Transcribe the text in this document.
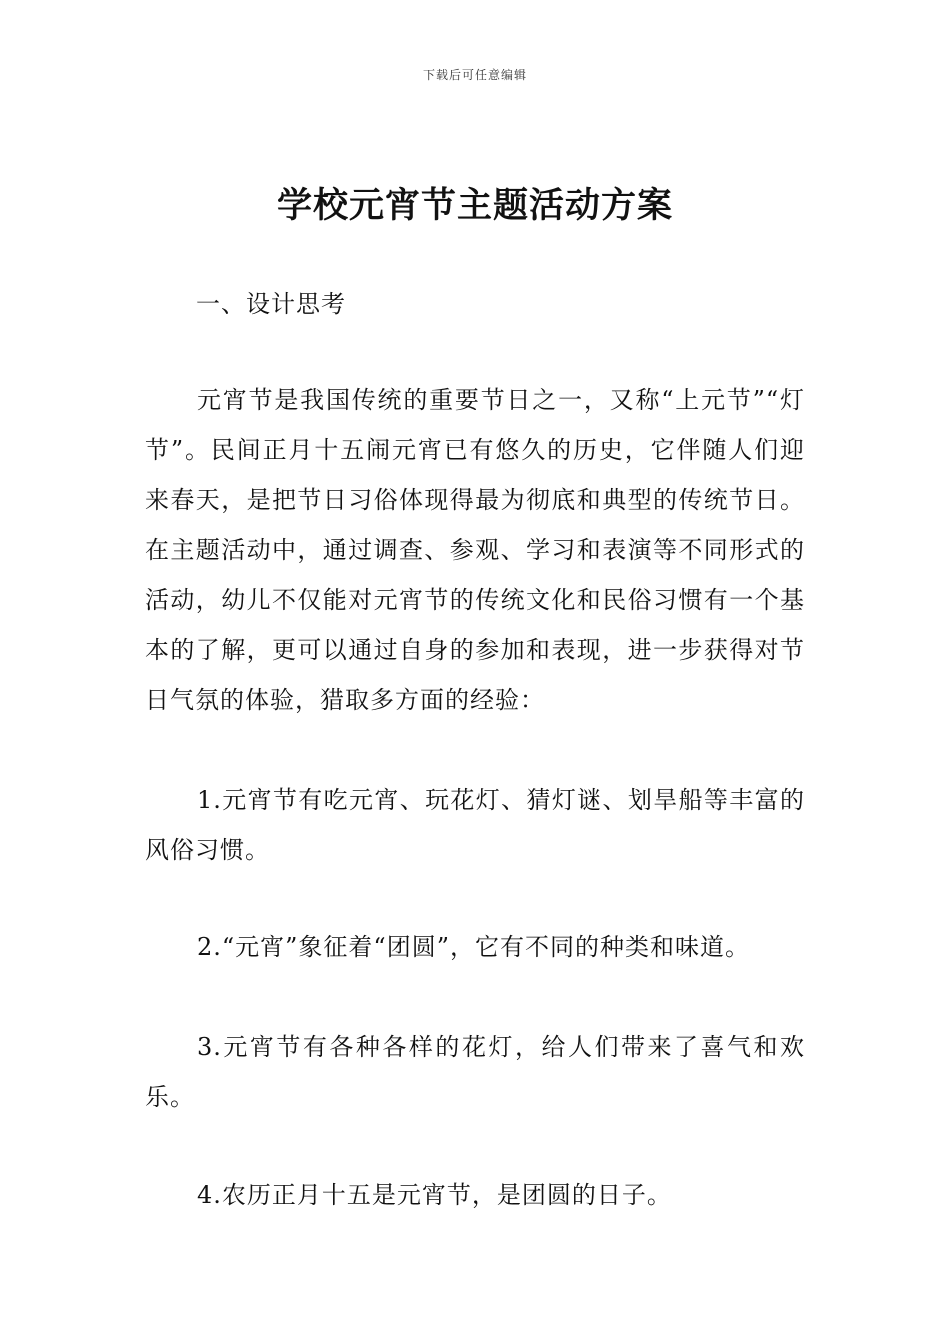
下载后可任意编辑
学校元宵节主题活动方案
一、设计思考

元宵节是我国传统的重要节日之一，又称“上元节”“灯节”。民间正月十五闹元宵已有悠久的历史，它伴随人们迎来春天，是把节日习俗体现得最为彻底和典型的传统节日。在主题活动中，通过调查、参观、学习和表演等不同形式的活动，幼儿不仅能对元宵节的传统文化和民俗习惯有一个基本的了解，更可以通过自身的参加和表现，进一步获得对节日气氛的体验，猎取多方面的经验：

1.元宵节有吃元宵、玩花灯、猜灯谜、划旱船等丰富的风俗习惯。

2.“元宵”象征着“团圆”，它有不同的种类和味道。

3.元宵节有各种各样的花灯，给人们带来了喜气和欢乐。

4.农历正月十五是元宵节，是团圆的日子。
